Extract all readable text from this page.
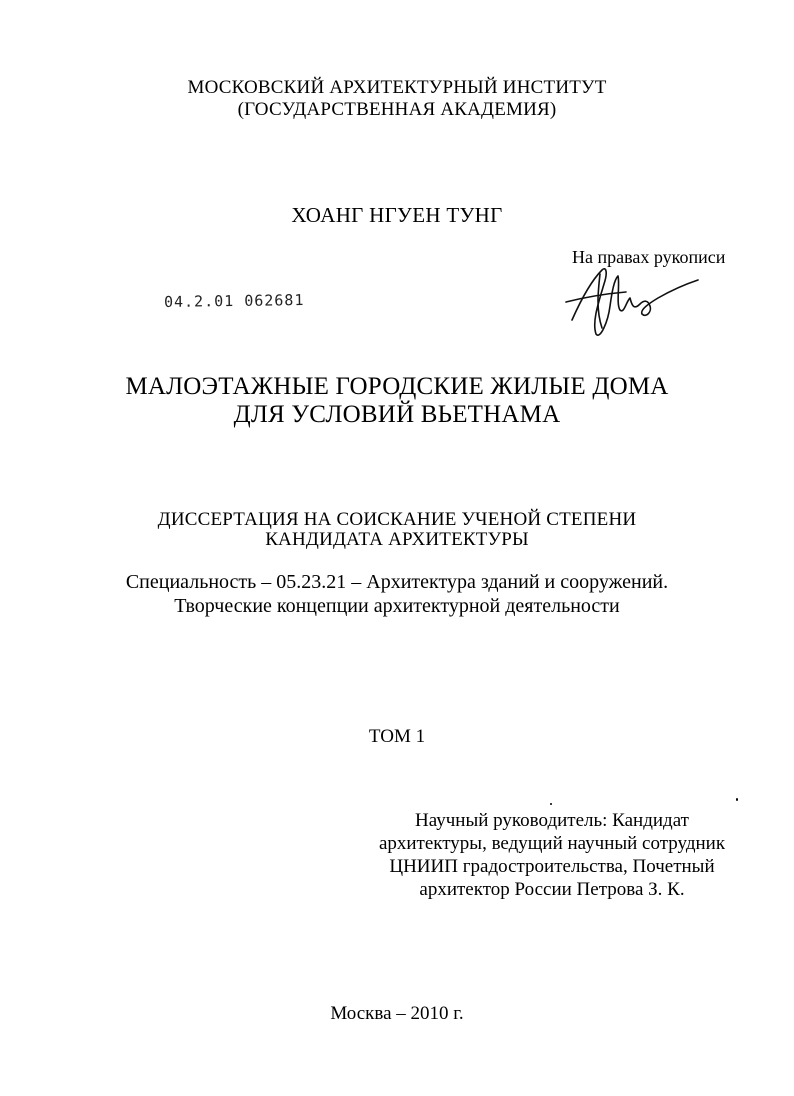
МОСКОВСКИЙ АРХИТЕКТУРНЫЙ ИНСТИТУТ
(ГОСУДАРСТВЕННАЯ АКАДЕМИЯ)
ХОАНГ НГУЕН ТУНГ
На правах рукописи
04.2.01 062681
МАЛОЭТАЖНЫЕ ГОРОДСКИЕ ЖИЛЫЕ ДОМА
ДЛЯ УСЛОВИЙ ВЬЕТНАМА
ДИССЕРТАЦИЯ НА СОИСКАНИЕ УЧЕНОЙ СТЕПЕНИ
КАНДИДАТА АРХИТЕКТУРЫ
Специальность – 05.23.21 – Архитектура зданий и сооружений.
Творческие концепции архитектурной деятельности
ТОМ 1
Научный руководитель: Кандидат
архитектуры, ведущий научный сотрудник
ЦНИИП градостроительства, Почетный
архитектор России Петрова З. К.
Москва – 2010 г.
